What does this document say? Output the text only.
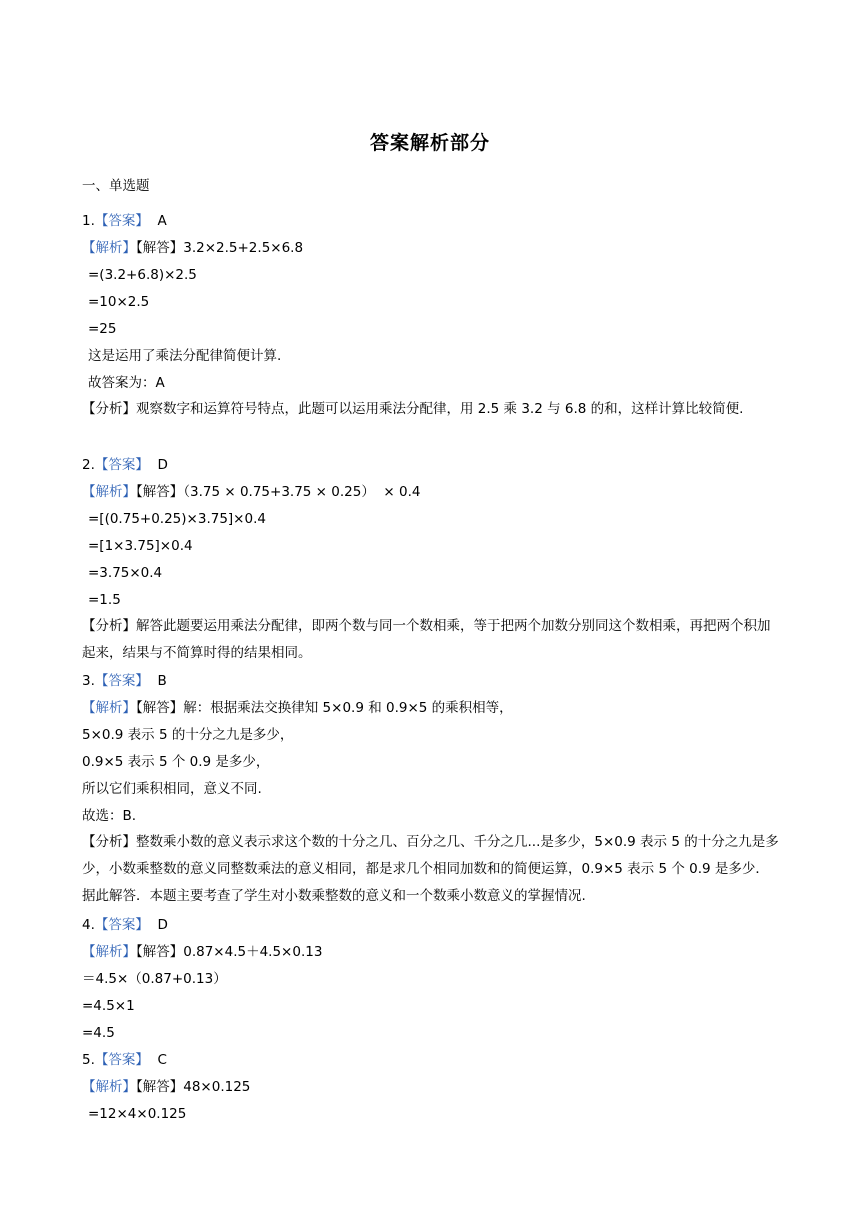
答案解析部分
一、单选题
1.【答案】 A
【解析】【解答】3.2×2.5+2.5×6.8
=(3.2+6.8)×2.5
=10×2.5
=25
这是运用了乘法分配律简便计算.
故答案为：A
【分析】观察数字和运算符号特点，此题可以运用乘法分配律，用 2.5 乘 3.2 与 6.8 的和，这样计算比较简便.
2.【答案】 D
【解析】【解答】（3.75 × 0.75+3.75 × 0.25）  × 0.4
=[(0.75+0.25)×3.75]×0.4
=[1×3.75]×0.4
=3.75×0.4
=1.5
【分析】解答此题要运用乘法分配律，即两个数与同一个数相乘，等于把两个加数分别同这个数相乘，再把两个积加起来，结果与不简算时得的结果相同。
3.【答案】 B
【解析】【解答】解：根据乘法交换律知 5×0.9 和 0.9×5 的乘积相等，
5×0.9 表示 5 的十分之九是多少，
0.9×5 表示 5 个 0.9 是多少，
所以它们乘积相同，意义不同.
故选：B.
【分析】整数乘小数的意义表示求这个数的十分之几、百分之几、千分之几...是多少，5×0.9 表示 5 的十分之九是多少，小数乘整数的意义同整数乘法的意义相同，都是求几个相同加数和的简便运算，0.9×5 表示 5 个 0.9 是多少．据此解答．本题主要考查了学生对小数乘整数的意义和一个数乘小数意义的掌握情况.
4.【答案】 D
【解析】【解答】0.87×4.5＋4.5×0.13
＝4.5×（0.87+0.13）
=4.5×1
=4.5
5.【答案】 C
【解析】【解答】48×0.125
=12×4×0.125
